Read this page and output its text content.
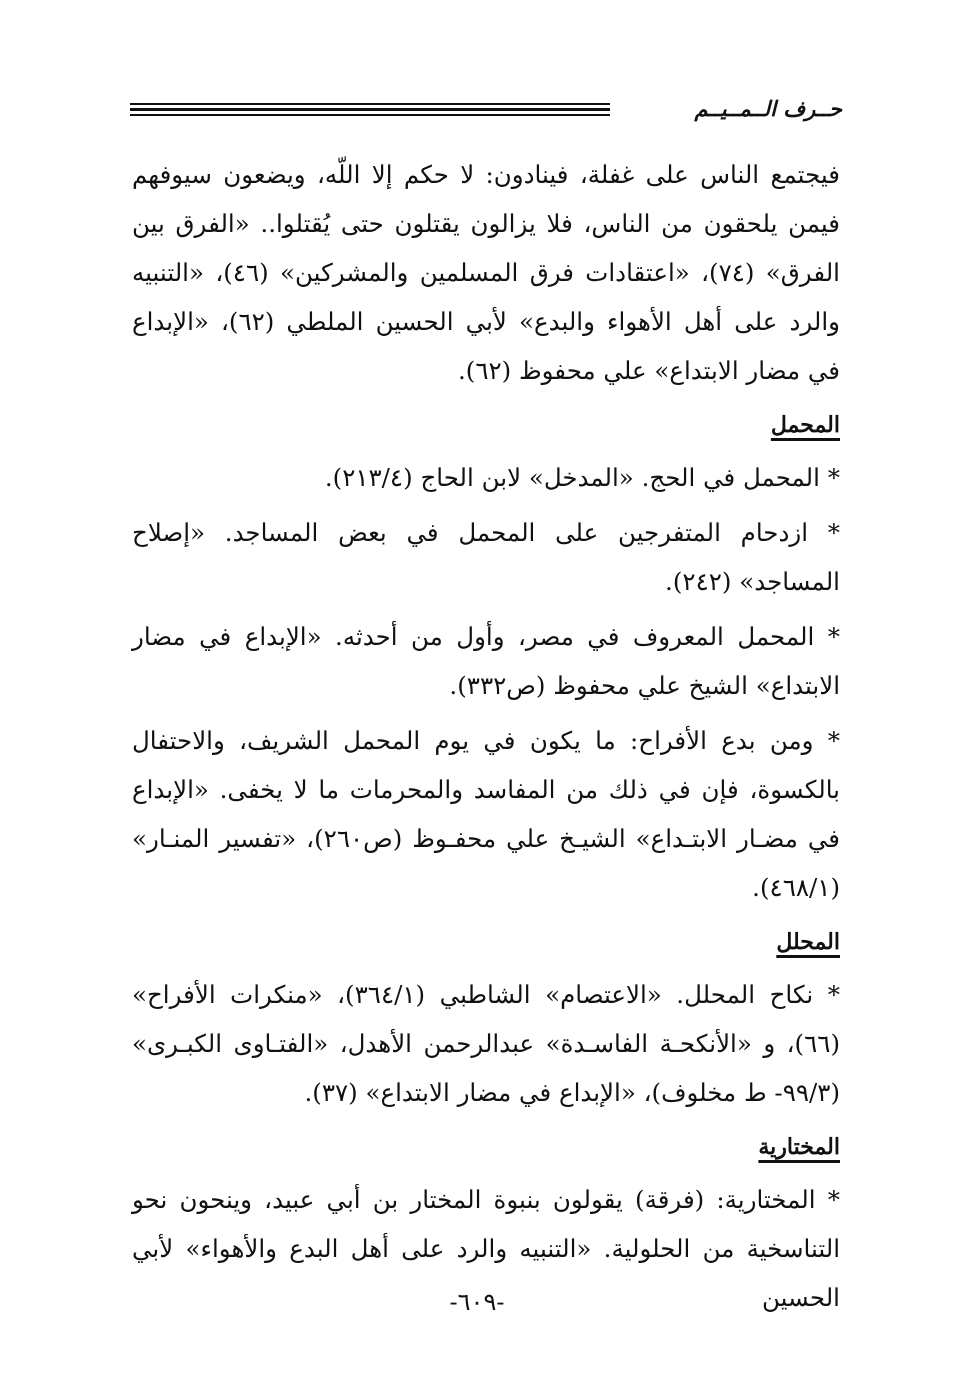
حــرف الــمــيــم

فيجتمع الناس على غفلة، فينادون: لا حكم إلا اللّه، ويضعون سيوفهم فيمن يلحقون من الناس، فلا يزالون يقتلون حتى يُقتلوا.. «الفرق بين الفرق» (٧٤)، «اعتقادات فرق المسلمين والمشركين» (٤٦)، «التنبيه والرد على أهل الأهواء والبدع» لأبي الحسين الملطي (٦٢)، «الإبداع في مضار الابتداع» علي محفوظ (٦٢).

المحمل

* المحمل في الحج. «المدخل» لابن الحاج (٢١٣/٤).

* ازدحام المتفرجين على المحمل في بعض المساجد. «إصلاح المساجد» (٢٤٢).

* المحمل المعروف في مصر، وأول من أحدثه. «الإبداع في مضار الابتداع» الشيخ علي محفوظ (ص٣٣٢).

* ومن بدع الأفراح: ما يكون في يوم المحمل الشريف، والاحتفال بالكسوة، فإن في ذلك من المفاسد والمحرمات ما لا يخفى. «الإبداع في مضـار الابتـداع» الشيـخ علي محفـوظ (ص٢٦٠)، «تفسير المنـار» (٤٦٨/١).

المحلل

* نكاح المحلل. «الاعتصام» الشاطبي (٣٦٤/١)، «منكرات الأفراح» (٦٦)، و «الأنكحـة الفاسـدة» عبدالرحمن الأهدل، «الفتـاوى الكبـرى» (٩٩/٣- ط مخلوف)، «الإبداع في مضار الابتداع» (٣٧).

المختارية

* المختارية: (فرقة) يقولون بنبوة المختار بن أبي عبيد، وينحون نحو التناسخية من الحلولية. «التنبيه والرد على أهل البدع والأهواء» لأبي الحسين

-٦٠٩-
